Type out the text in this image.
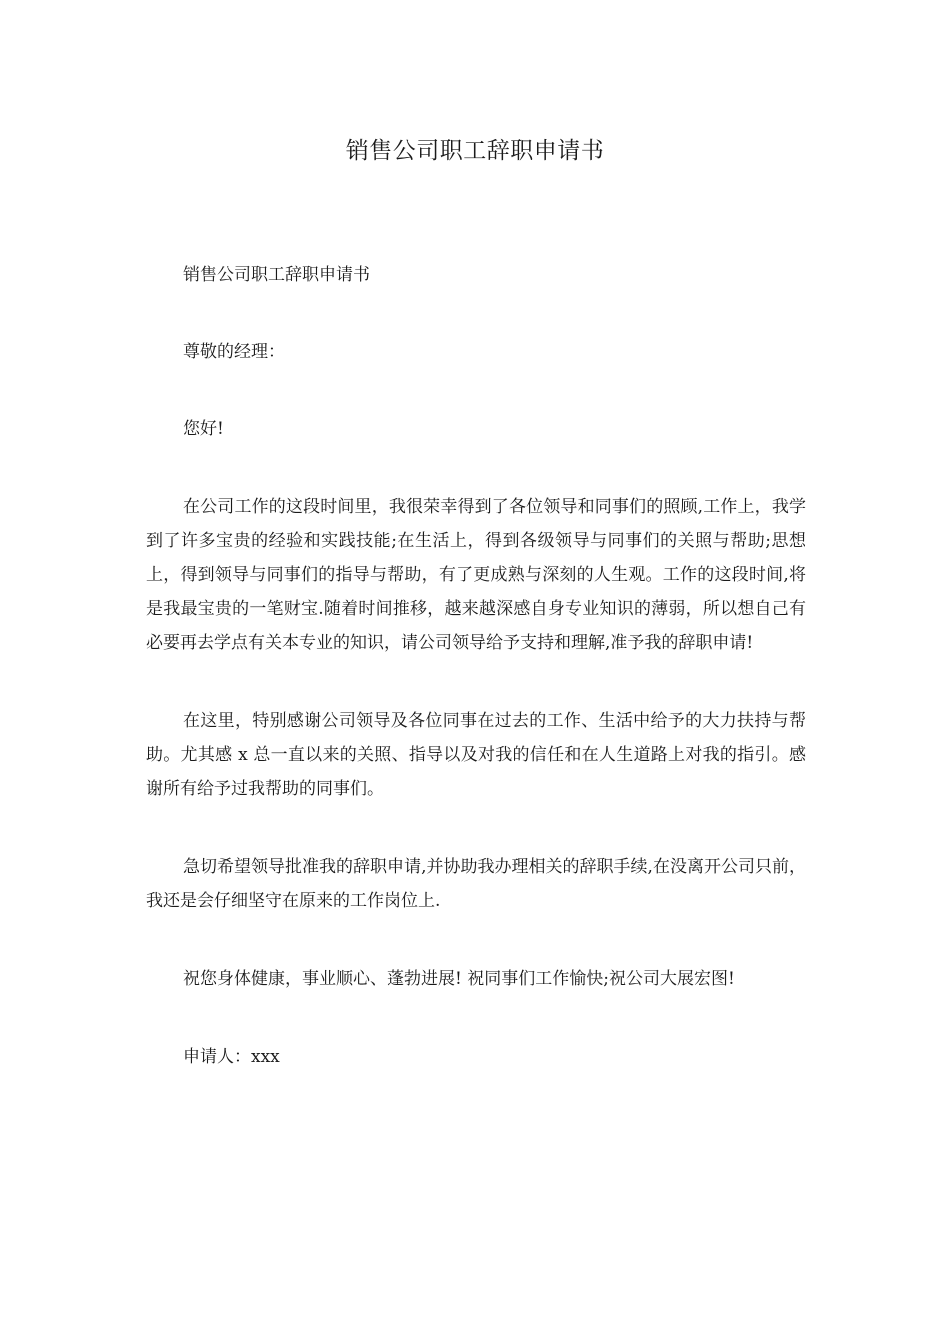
销售公司职工辞职申请书

销售公司职工辞职申请书

尊敬的经理：

您好!

在公司工作的这段时间里，我很荣幸得到了各位领导和同事们的照顾,工作上，我学到了许多宝贵的经验和实践技能;在生活上，得到各级领导与同事们的关照与帮助;思想上，得到领导与同事们的指导与帮助，有了更成熟与深刻的人生观。工作的这段时间,将是我最宝贵的一笔财宝.随着时间推移，越来越深感自身专业知识的薄弱，所以想自己有必要再去学点有关本专业的知识，请公司领导给予支持和理解,准予我的辞职申请!

在这里，特别感谢公司领导及各位同事在过去的工作、生活中给予的大力扶持与帮助。尤其感 x 总一直以来的关照、指导以及对我的信任和在人生道路上对我的指引。感谢所有给予过我帮助的同事们。

急切希望领导批准我的辞职申请,并协助我办理相关的辞职手续,在没离开公司只前，我还是会仔细坚守在原来的工作岗位上.

祝您身体健康，事业顺心、蓬勃进展! 祝同事们工作愉快;祝公司大展宏图!

申请人：xxx
